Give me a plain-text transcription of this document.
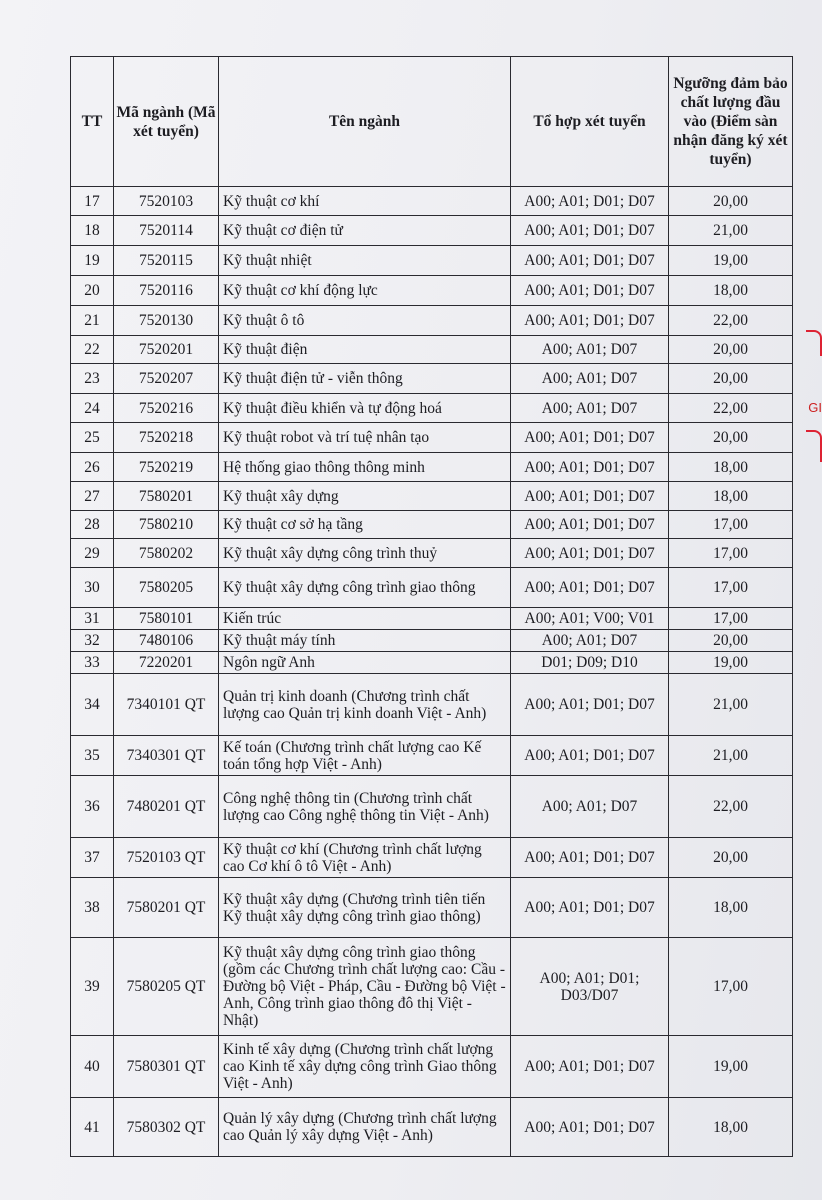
TT	Mã ngành (Mã xét tuyển)	Tên ngành	Tổ hợp xét tuyển	Ngưỡng đảm bảo chất lượng đầu vào (Điểm sàn nhận đăng ký xét tuyển)
17	7520103	Kỹ thuật cơ khí	A00; A01; D01; D07	20,00
18	7520114	Kỹ thuật cơ điện tử	A00; A01; D01; D07	21,00
19	7520115	Kỹ thuật nhiệt	A00; A01; D01; D07	19,00
20	7520116	Kỹ thuật cơ khí động lực	A00; A01; D01; D07	18,00
21	7520130	Kỹ thuật ô tô	A00; A01; D01; D07	22,00
22	7520201	Kỹ thuật điện	A00; A01; D07	20,00
23	7520207	Kỹ thuật điện tử - viễn thông	A00; A01; D07	20,00
24	7520216	Kỹ thuật điều khiển và tự động hoá	A00; A01; D07	22,00
25	7520218	Kỹ thuật robot và trí tuệ nhân tạo	A00; A01; D01; D07	20,00
26	7520219	Hệ thống giao thông thông minh	A00; A01; D01; D07	18,00
27	7580201	Kỹ thuật xây dựng	A00; A01; D01; D07	18,00
28	7580210	Kỹ thuật cơ sở hạ tầng	A00; A01; D01; D07	17,00
29	7580202	Kỹ thuật xây dựng công trình thuỷ	A00; A01; D01; D07	17,00
30	7580205	Kỹ thuật xây dựng công trình giao thông	A00; A01; D01; D07	17,00
31	7580101	Kiến trúc	A00; A01; V00; V01	17,00
32	7480106	Kỹ thuật máy tính	A00; A01; D07	20,00
33	7220201	Ngôn ngữ Anh	D01; D09; D10	19,00
34	7340101 QT	Quản trị kinh doanh (Chương trình chất lượng cao Quản trị kinh doanh Việt - Anh)	A00; A01; D01; D07	21,00
35	7340301 QT	Kế toán (Chương trình chất lượng cao Kế toán tổng hợp Việt - Anh)	A00; A01; D01; D07	21,00
36	7480201 QT	Công nghệ thông tin (Chương trình chất lượng cao Công nghệ thông tin Việt - Anh)	A00; A01; D07	22,00
37	7520103 QT	Kỹ thuật cơ khí (Chương trình chất lượng cao Cơ khí ô tô Việt - Anh)	A00; A01; D01; D07	20,00
38	7580201 QT	Kỹ thuật xây dựng (Chương trình tiên tiến Kỹ thuật xây dựng công trình giao thông)	A00; A01; D01; D07	18,00
39	7580205 QT	Kỹ thuật xây dựng công trình giao thông (gồm các Chương trình chất lượng cao: Cầu - Đường bộ Việt - Pháp, Cầu - Đường bộ Việt - Anh, Công trình giao thông đô thị Việt - Nhật)	A00; A01; D01; D03/D07	17,00
40	7580301 QT	Kinh tế xây dựng (Chương trình chất lượng cao Kinh tế xây dựng công trình Giao thông Việt - Anh)	A00; A01; D01; D07	19,00
41	7580302 QT	Quản lý xây dựng (Chương trình chất lượng cao Quản lý xây dựng Việt - Anh)	A00; A01; D01; D07	18,00
GI
